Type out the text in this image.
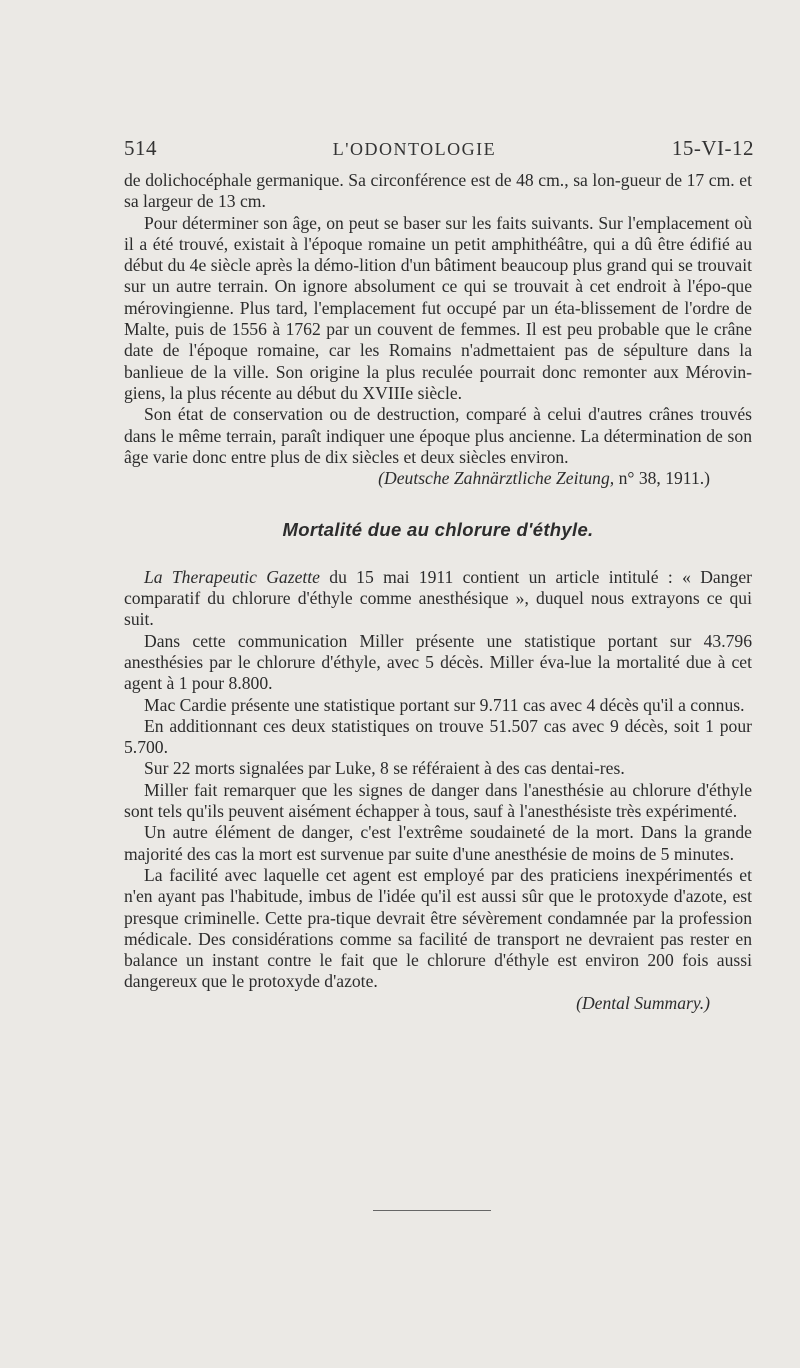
514	L'ODONTOLOGIE	15-VI-12

de dolichocéphale germanique. Sa circonférence est de 48 cm., sa lon-gueur de 17 cm. et sa largeur de 13 cm.

Pour déterminer son âge, on peut se baser sur les faits suivants. Sur l'emplacement où il a été trouvé, existait à l'époque romaine un petit amphithéâtre, qui a dû être édifié au début du 4e siècle après la démo-lition d'un bâtiment beaucoup plus grand qui se trouvait sur un autre terrain. On ignore absolument ce qui se trouvait à cet endroit à l'épo-que mérovingienne. Plus tard, l'emplacement fut occupé par un éta-blissement de l'ordre de Malte, puis de 1556 à 1762 par un couvent de femmes. Il est peu probable que le crâne date de l'époque romaine, car les Romains n'admettaient pas de sépulture dans la banlieue de la ville. Son origine la plus reculée pourrait donc remonter aux Mérovin-giens, la plus récente au début du XVIIIe siècle.

Son état de conservation ou de destruction, comparé à celui d'autres crânes trouvés dans le même terrain, paraît indiquer une époque plus ancienne. La détermination de son âge varie donc entre plus de dix siècles et deux siècles environ.

(Deutsche Zahnärztliche Zeitung, n° 38, 1911.)

Mortalité due au chlorure d'éthyle.

La Therapeutic Gazette du 15 mai 1911 contient un article intitulé : « Danger comparatif du chlorure d'éthyle comme anesthésique », duquel nous extrayons ce qui suit.

Dans cette communication Miller présente une statistique portant sur 43.796 anesthésies par le chlorure d'éthyle, avec 5 décès. Miller éva-lue la mortalité due à cet agent à 1 pour 8.800.

Mac Cardie présente une statistique portant sur 9.711 cas avec 4 décès qu'il a connus.

En additionnant ces deux statistiques on trouve 51.507 cas avec 9 décès, soit 1 pour 5.700.

Sur 22 morts signalées par Luke, 8 se référaient à des cas dentai-res.

Miller fait remarquer que les signes de danger dans l'anesthésie au chlorure d'éthyle sont tels qu'ils peuvent aisément échapper à tous, sauf à l'anesthésiste très expérimenté.

Un autre élément de danger, c'est l'extrême soudaineté de la mort. Dans la grande majorité des cas la mort est survenue par suite d'une anesthésie de moins de 5 minutes.

La facilité avec laquelle cet agent est employé par des praticiens inexpérimentés et n'en ayant pas l'habitude, imbus de l'idée qu'il est aussi sûr que le protoxyde d'azote, est presque criminelle. Cette pra-tique devrait être sévèrement condamnée par la profession médicale. Des considérations comme sa facilité de transport ne devraient pas rester en balance un instant contre le fait que le chlorure d'éthyle est environ 200 fois aussi dangereux que le protoxyde d'azote.

(Dental Summary.)
